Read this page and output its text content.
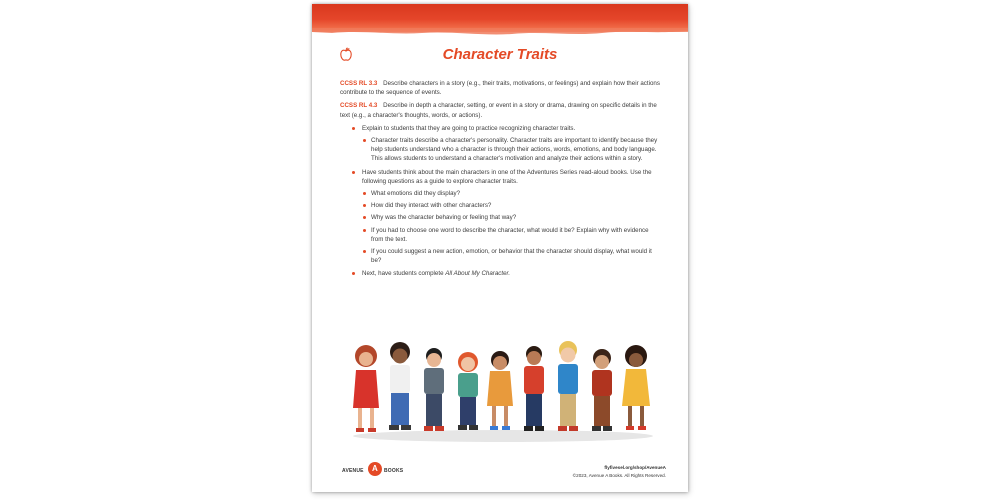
Character Traits

CCSS RL 3.3 Describe characters in a story (e.g., their traits, motivations, or feelings) and explain how their actions contribute to the sequence of events.

CCSS RL 4.3 Describe in depth a character, setting, or event in a story or drama, drawing on specific details in the text (e.g., a character's thoughts, words, or actions).

Explain to students that they are going to practice recognizing character traits.
Character traits describe a character's personality. Character traits are important to identify because they help students understand who a character is through their actions, words, emotions, and body language. This allows students to understand a character's motivation and analyze their actions within a story.
Have students think about the main characters in one of the Adventures Series read-aloud books. Use the following questions as a guide to explore character traits.
What emotions did they display?
How did they interact with other characters?
Why was the character behaving or feeling that way?
If you had to choose one word to describe the character, what would it be? Explain why with evidence from the text.
If you could suggest a new action, emotion, or behavior that the character should display, what would it be?
Next, have students complete All About My Character.
AVENUE	A	BOOKS
flyfivesel.org/shop/AvenueA
©2023, Avenue A Books. All Rights Reserved.
